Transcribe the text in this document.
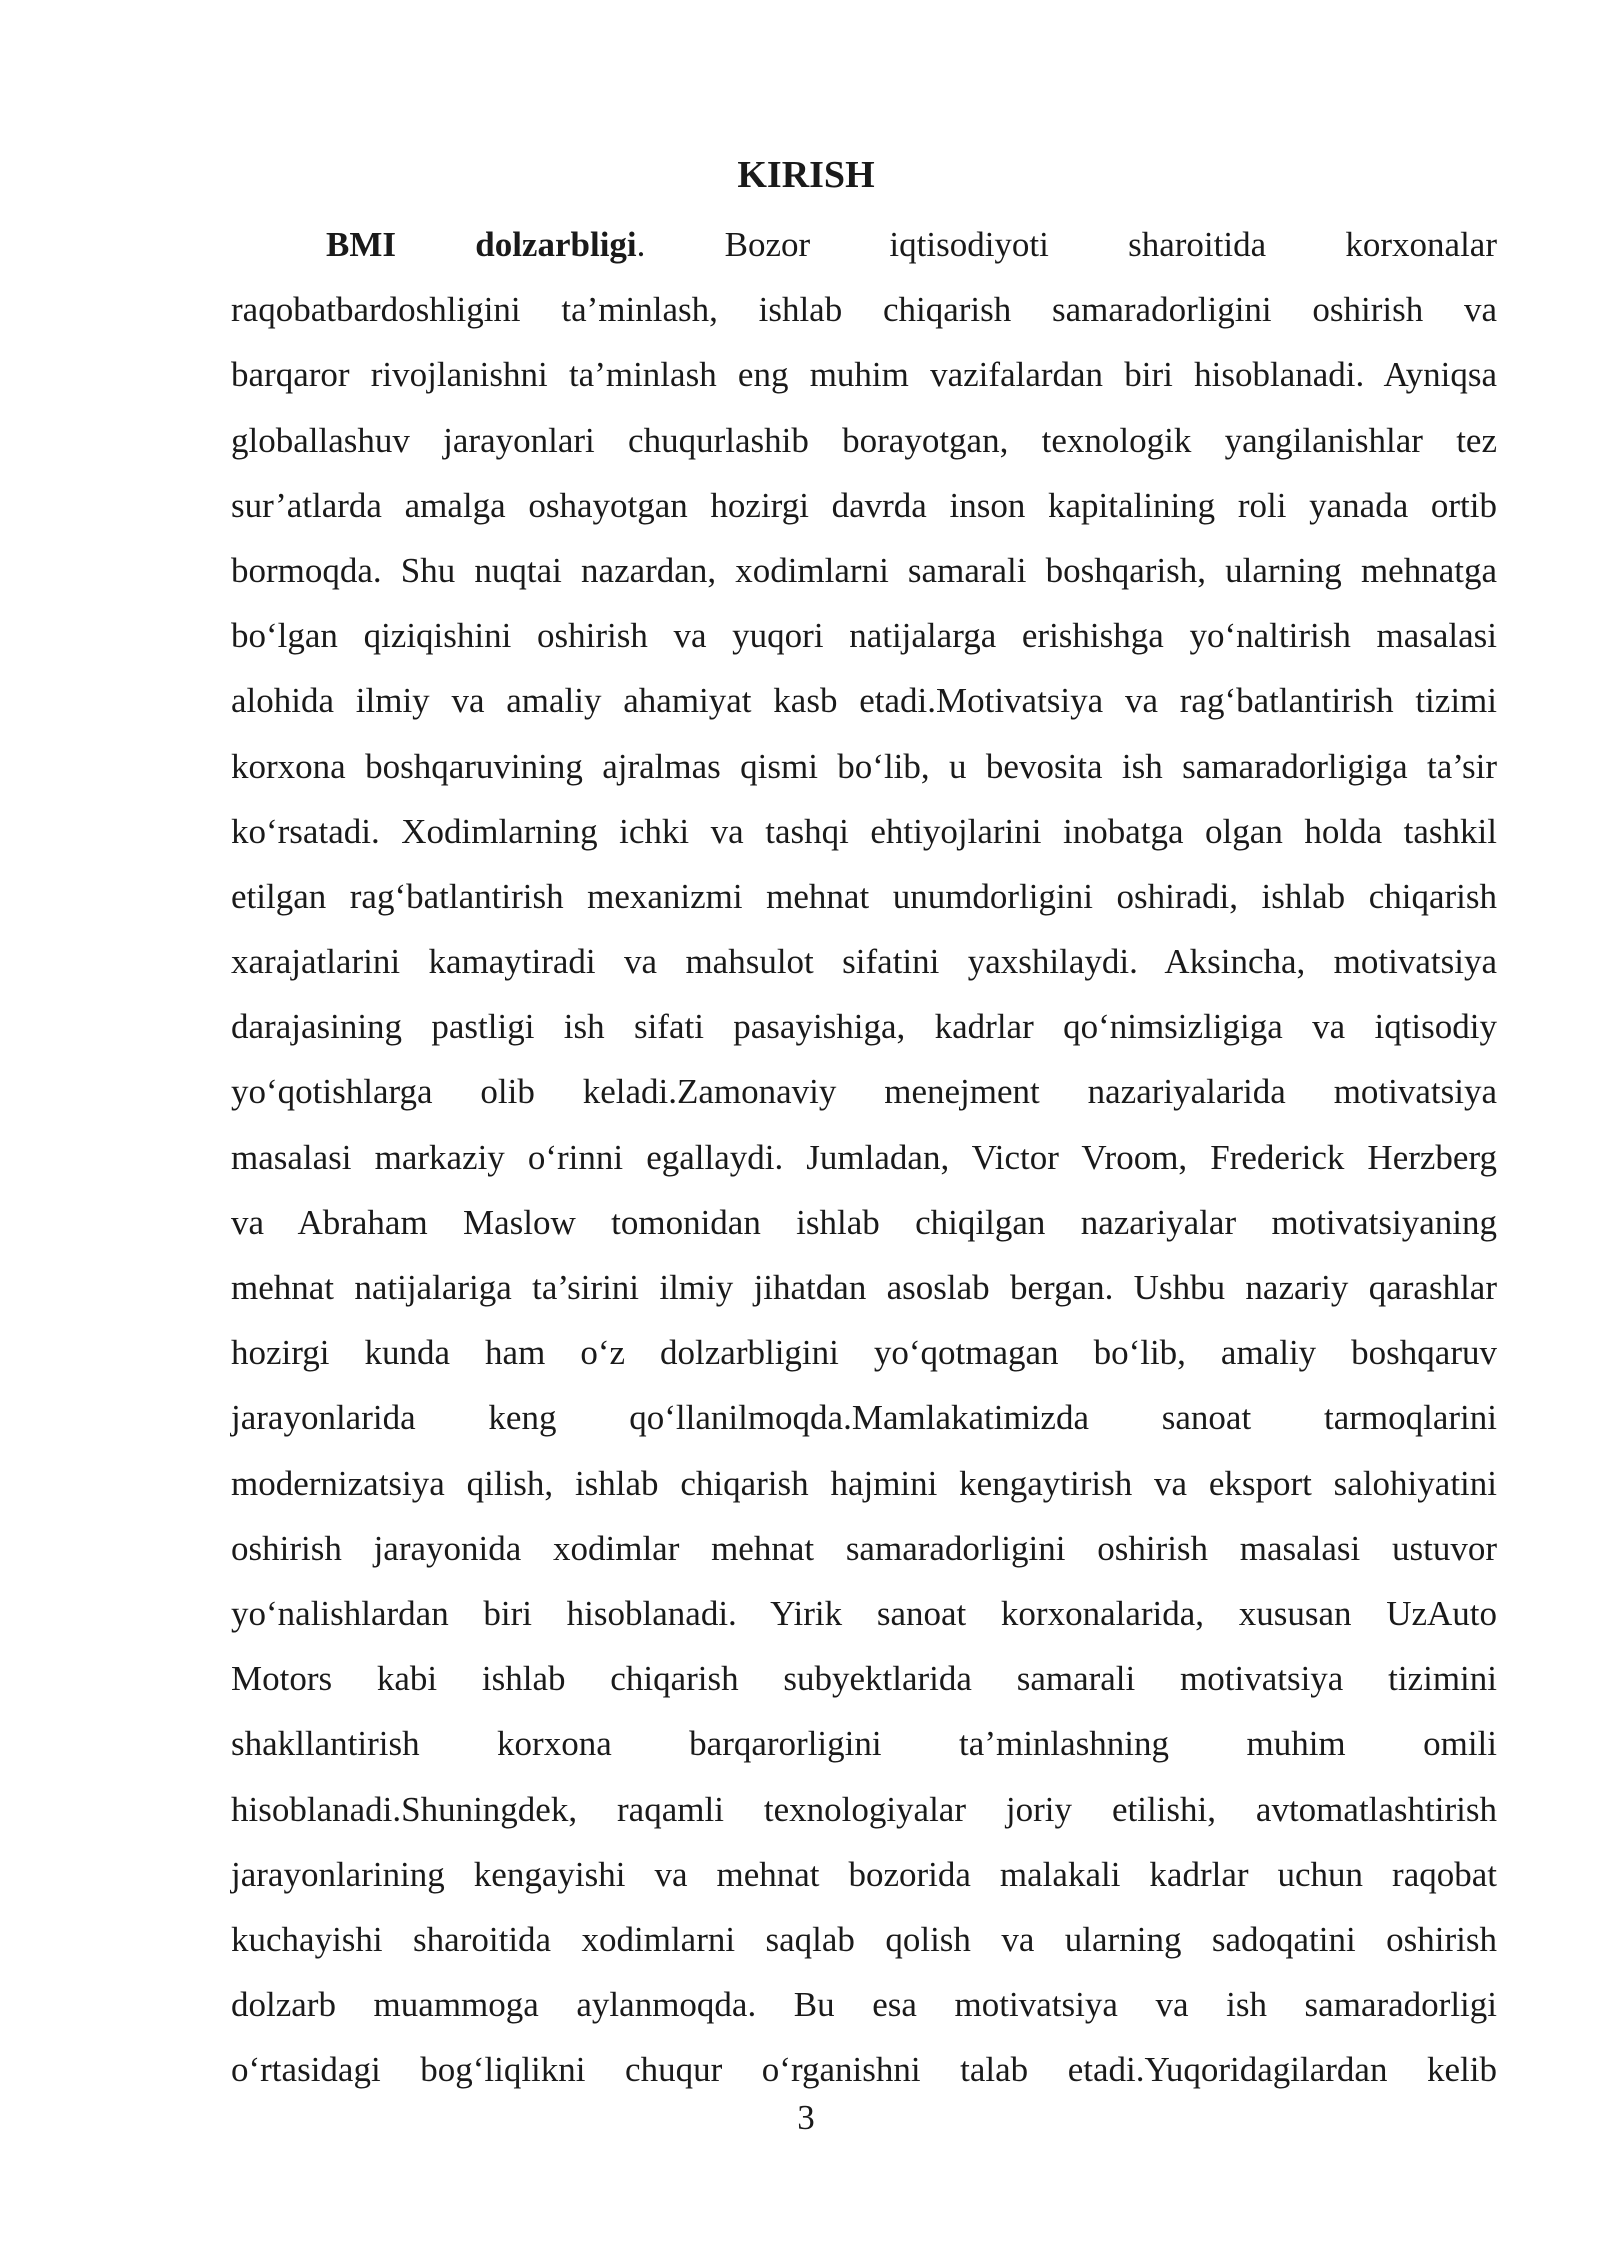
KIRISH
BMI dolzarbligi. Bozor iqtisodiyoti sharoitida korxonalar
raqobatbardoshligini ta’minlash, ishlab chiqarish samaradorligini oshirish va
barqaror rivojlanishni ta’minlash eng muhim vazifalardan biri hisoblanadi. Ayniqsa
globallashuv jarayonlari chuqurlashib borayotgan, texnologik yangilanishlar tez
sur’atlarda amalga oshayotgan hozirgi davrda inson kapitalining roli yanada ortib
bormoqda. Shu nuqtai nazardan, xodimlarni samarali boshqarish, ularning mehnatga
bo‘lgan qiziqishini oshirish va yuqori natijalarga erishishga yo‘naltirish masalasi
alohida ilmiy va amaliy ahamiyat kasb etadi.Motivatsiya va rag‘batlantirish tizimi
korxona boshqaruvining ajralmas qismi bo‘lib, u bevosita ish samaradorligiga ta’sir
ko‘rsatadi. Xodimlarning ichki va tashqi ehtiyojlarini inobatga olgan holda tashkil
etilgan rag‘batlantirish mexanizmi mehnat unumdorligini oshiradi, ishlab chiqarish
xarajatlarini kamaytiradi va mahsulot sifatini yaxshilaydi. Aksincha, motivatsiya
darajasining pastligi ish sifati pasayishiga, kadrlar qo‘nimsizligiga va iqtisodiy
yo‘qotishlarga olib keladi.Zamonaviy menejment nazariyalarida motivatsiya
masalasi markaziy o‘rinni egallaydi. Jumladan, Victor Vroom, Frederick Herzberg
va Abraham Maslow tomonidan ishlab chiqilgan nazariyalar motivatsiyaning
mehnat natijalariga ta’sirini ilmiy jihatdan asoslab bergan. Ushbu nazariy qarashlar
hozirgi kunda ham o‘z dolzarbligini yo‘qotmagan bo‘lib, amaliy boshqaruv
jarayonlarida keng qo‘llanilmoqda.Mamlakatimizda sanoat tarmoqlarini
modernizatsiya qilish, ishlab chiqarish hajmini kengaytirish va eksport salohiyatini
oshirish jarayonida xodimlar mehnat samaradorligini oshirish masalasi ustuvor
yo‘nalishlardan biri hisoblanadi. Yirik sanoat korxonalarida, xususan UzAuto
Motors kabi ishlab chiqarish subyektlarida samarali motivatsiya tizimini
shakllantirish korxona barqarorligini ta’minlashning muhim omili
hisoblanadi.Shuningdek, raqamli texnologiyalar joriy etilishi, avtomatlashtirish
jarayonlarining kengayishi va mehnat bozorida malakali kadrlar uchun raqobat
kuchayishi sharoitida xodimlarni saqlab qolish va ularning sadoqatini oshirish
dolzarb muammoga aylanmoqda. Bu esa motivatsiya va ish samaradorligi
o‘rtasidagi bog‘liqlikni chuqur o‘rganishni talab etadi.Yuqoridagilardan kelib
3
